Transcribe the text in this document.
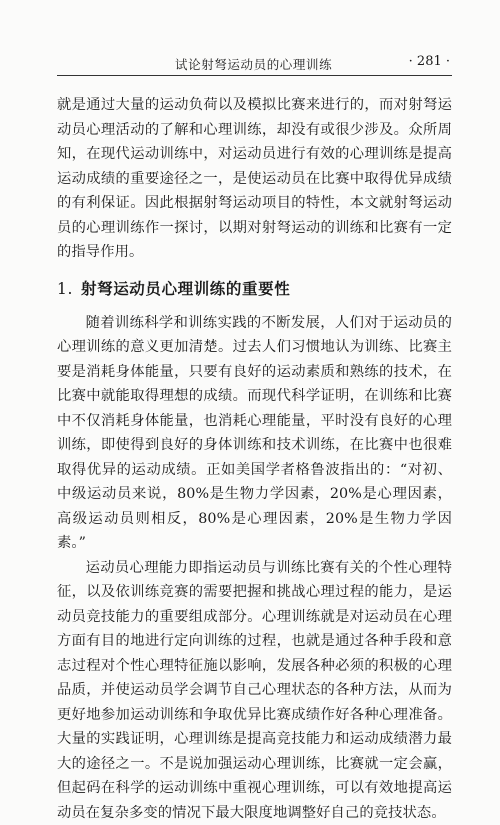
试论射弩运动员的心理训练	· 281 ·

就是通过大量的运动负荷以及模拟比赛来进行的，而对射弩运动员心理活动的了解和心理训练，却没有或很少涉及。众所周知，在现代运动训练中，对运动员进行有效的心理训练是提高运动成绩的重要途径之一，是使运动员在比赛中取得优异成绩的有利保证。因此根据射弩运动项目的特性，本文就射弩运动员的心理训练作一探讨，以期对射弩运动的训练和比赛有一定的指导作用。

1. 射弩运动员心理训练的重要性

随着训练科学和训练实践的不断发展，人们对于运动员的心理训练的意义更加清楚。过去人们习惯地认为训练、比赛主要是消耗身体能量，只要有良好的运动素质和熟练的技术，在比赛中就能取得理想的成绩。而现代科学证明，在训练和比赛中不仅消耗身体能量，也消耗心理能量，平时没有良好的心理训练，即使得到良好的身体训练和技术训练，在比赛中也很难取得优异的运动成绩。正如美国学者格鲁波指出的：“对初、中级运动员来说，80%是生物力学因素，20%是心理因素，高级运动员则相反，80%是心理因素，20%是生物力学因素。”

运动员心理能力即指运动员与训练比赛有关的个性心理特征，以及依训练竞赛的需要把握和挑战心理过程的能力，是运动员竞技能力的重要组成部分。心理训练就是对运动员在心理方面有目的地进行定向训练的过程，也就是通过各种手段和意志过程对个性心理特征施以影响，发展各种必须的积极的心理品质，并使运动员学会调节自己心理状态的各种方法，从而为更好地参加运动训练和争取优异比赛成绩作好各种心理准备。大量的实践证明，心理训练是提高竞技能力和运动成绩潜力最大的途径之一。不是说加强运动心理训练，比赛就一定会赢，但起码在科学的运动训练中重视心理训练，可以有效地提高运动员在复杂多变的情况下最大限度地调整好自己的竞技状态。
